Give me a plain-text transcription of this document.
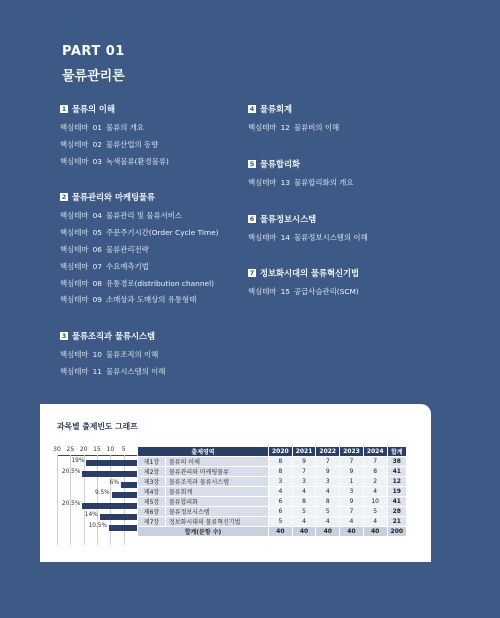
PART 01
물류관리론
1 물류의 이해
핵심테마 01 물류의 개요
핵심테마 02 물류산업의 동향
핵심테마 03 녹색물류(환경물류)
2 물류관리와 마케팅물류
핵심테마 04 물류관리 및 물류서비스
핵심테마 05 주문주기시간(Order Cycle Time)
핵심테마 06 물류관리전략
핵심테마 07 수요예측기법
핵심테마 08 유통경로(distribution channel)
핵심테마 09 소매상과 도매상의 유통형태
3 물류조직과 물류시스템
핵심테마 10 물류조직의 이해
핵심테마 11 물류시스템의 이해
4 물류회계
핵심테마 12 물류비의 이해
5 물류합리화
핵심테마 13 물류합리화의 개요
6 물류정보시스템
핵심테마 14 물류정보시스템의 이해
7 정보화시대의 물류혁신기법
핵심테마 15 공급사슬관리(SCM)
과목별 출제빈도 그래프
30 25 20 15 10 5
19%
20.5%
6%
9.5%
20.5%
14%
10.5%
출제영역		2020	2021	2022	2023	2024	합계
제1장	물류의 이해	8	9	7	7	7	38
제2장	물류관리와 마케팅물류	8	7	9	9	8	41
제3장	물류조직과 물류시스템	3	3	3	1	2	12
제4장	물류회계	4	4	4	3	4	19
제5장	물류합리화	6	8	8	9	10	41
제6장	물류정보시스템	6	5	5	7	5	28
제7장	정보화시대의 물류혁신기법	5	4	4	4	4	21
합계(문항 수)		40	40	40	40	40	200
